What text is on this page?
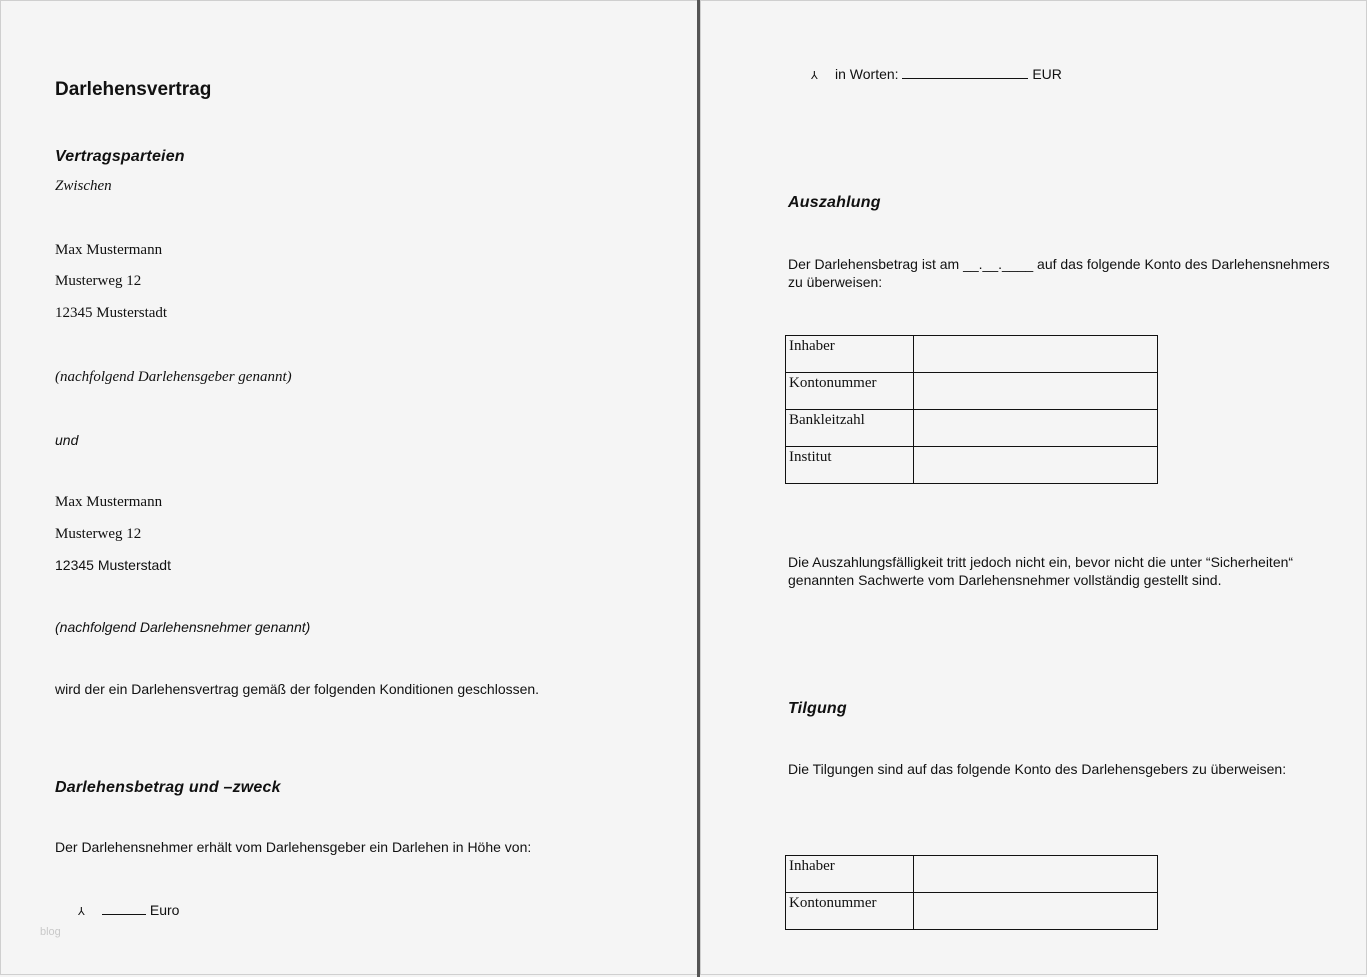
Darlehensvertrag
Vertragsparteien
Zwischen
Max Mustermann
Musterweg 12
12345 Musterstadt
(nachfolgend Darlehensgeber genannt)
und
Max Mustermann
Musterweg 12
12345 Musterstadt
(nachfolgend Darlehensnehmer genannt)
wird der ein Darlehensvertrag gemäß der folgenden Konditionen geschlossen.
Darlehensbetrag und –zweck
Der Darlehensnehmer erhält vom Darlehensgeber ein Darlehen in Höhe von:
⅄	Euro
blog
⅄ in Worten:	EUR
Auszahlung
Der Darlehensbetrag ist am __.__.____ auf das folgende Konto des Darlehensnehmers zu überweisen:
Inhaber	
Kontonummer	
Bankleitzahl	
Institut	
Die Auszahlungsfälligkeit tritt jedoch nicht ein, bevor nicht die unter “Sicherheiten“ genannten Sachwerte vom Darlehensnehmer vollständig gestellt sind.
Tilgung
Die Tilgungen sind auf das folgende Konto des Darlehensgebers zu überweisen:
Inhaber	
Kontonummer	
